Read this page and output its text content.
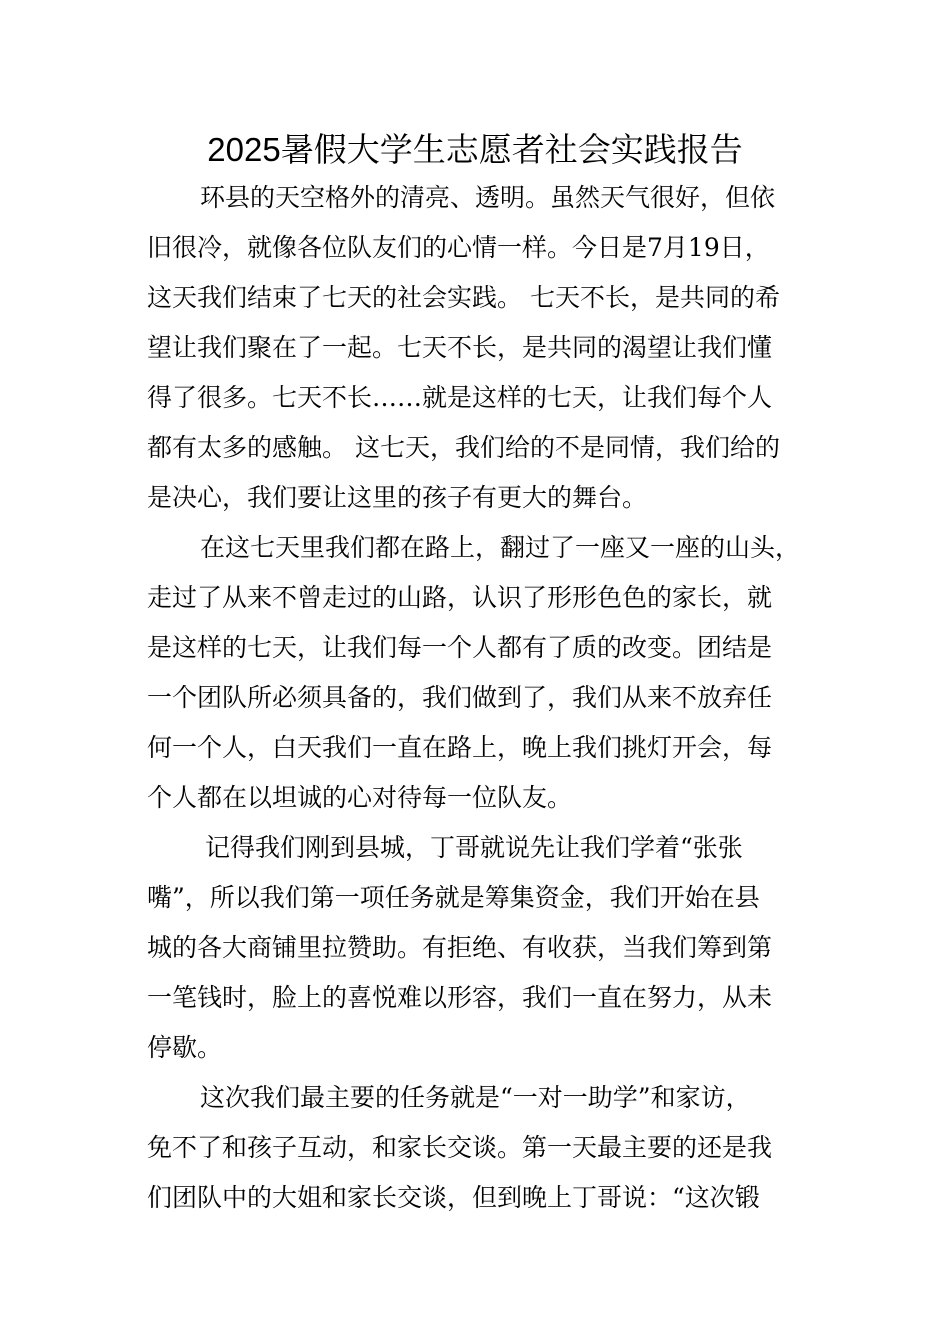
2025暑假大学生志愿者社会实践报告
环县的天空格外的清亮、透明。虽然天气很好，但依
旧很冷，就像各位队友们的心情一样。今日是7月19日，
这天我们结束了七天的社会实践。 七天不长，是共同的希
望让我们聚在了一起。七天不长，是共同的渴望让我们懂
得了很多。七天不长……就是这样的七天，让我们每个人
都有太多的感触。 这七天，我们给的不是同情，我们给的
是决心，我们要让这里的孩子有更大的舞台。
在这七天里我们都在路上，翻过了一座又一座的山头，
走过了从来不曾走过的山路，认识了形形色色的家长，就
是这样的七天，让我们每一个人都有了质的改变。团结是
一个团队所必须具备的，我们做到了，我们从来不放弃任
何一个人，白天我们一直在路上，晚上我们挑灯开会，每
个人都在以坦诚的心对待每一位队友。
记得我们刚到县城，丁哥就说先让我们学着“张张
嘴”，所以我们第一项任务就是筹集资金，我们开始在县
城的各大商铺里拉赞助。有拒绝、有收获，当我们筹到第
一笔钱时，脸上的喜悦难以形容，我们一直在努力，从未
停歇。
这次我们最主要的任务就是“一对一助学”和家访，
免不了和孩子互动，和家长交谈。第一天最主要的还是我
们团队中的大姐和家长交谈，但到晚上丁哥说：“这次锻
